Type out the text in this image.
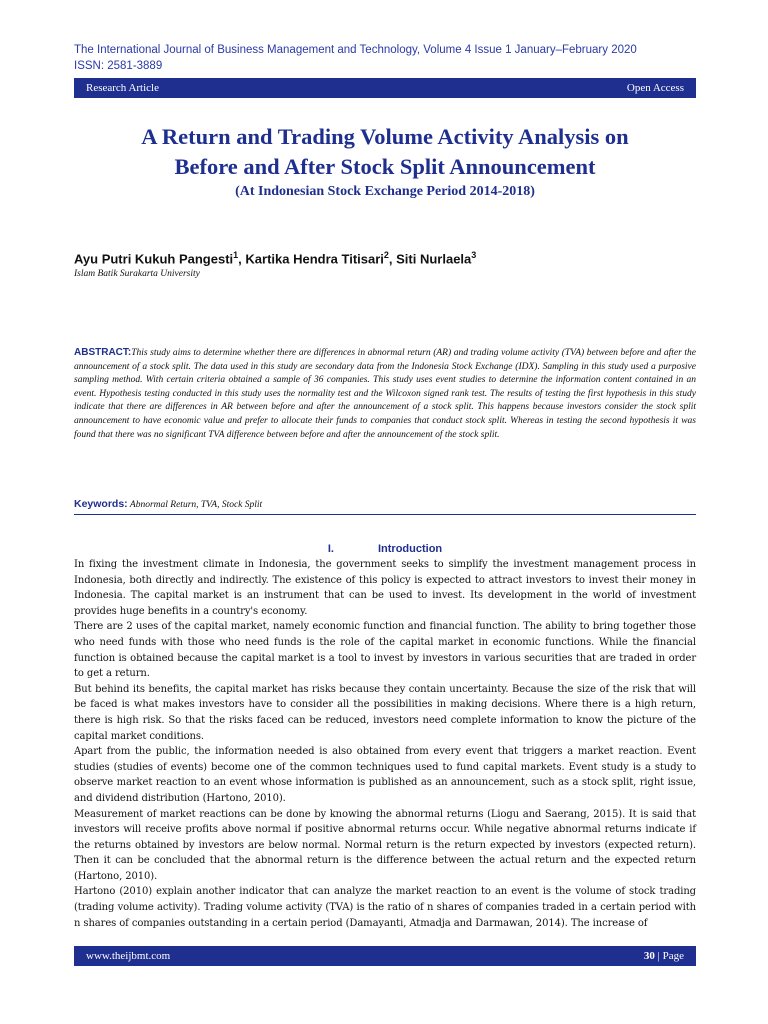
The International Journal of Business Management and Technology, Volume 4 Issue 1 January–February 2020
ISSN: 2581-3889
Research Article	Open Access
A Return and Trading Volume Activity Analysis on
Before and After Stock Split Announcement
(At Indonesian Stock Exchange Period 2014-2018)
Ayu Putri Kukuh Pangesti$^1$, Kartika Hendra Titisari$^2$, Siti Nurlaela$^3$
Islam Batik Surakarta University
ABSTRACT:This study aims to determine whether there are differences in abnormal return (AR) and trading volume activity (TVA) between before and after the announcement of a stock split. The data used in this study are secondary data from the Indonesia Stock Exchange (IDX). Sampling in this study used a purposive sampling method. With certain criteria obtained a sample of 36 companies. This study uses event studies to determine the information content contained in an event. Hypothesis testing conducted in this study uses the normality test and the Wilcoxon signed rank test. The results of testing the first hypothesis in this study indicate that there are differences in AR between before and after the announcement of a stock split. This happens because investors consider the stock split announcement to have economic value and prefer to allocate their funds to companies that conduct stock split. Whereas in testing the second hypothesis it was found that there was no significant TVA difference between before and after the announcement of the stock split.
Keywords: Abnormal Return, TVA, Stock Split
I.	Introduction

In fixing the investment climate in Indonesia, the government seeks to simplify the investment management process in Indonesia, both directly and indirectly. The existence of this policy is expected to attract investors to invest their money in Indonesia. The capital market is an instrument that can be used to invest. Its development in the world of investment provides huge benefits in a country's economy.

There are 2 uses of the capital market, namely economic function and financial function. The ability to bring together those who need funds with those who need funds is the role of the capital market in economic functions. While the financial function is obtained because the capital market is a tool to invest by investors in various securities that are traded in order to get a return.

But behind its benefits, the capital market has risks because they contain uncertainty. Because the size of the risk that will be faced is what makes investors have to consider all the possibilities in making decisions. Where there is a high return, there is high risk. So that the risks faced can be reduced, investors need complete information to know the picture of the capital market conditions.

Apart from the public, the information needed is also obtained from every event that triggers a market reaction. Event studies (studies of events) become one of the common techniques used to fund capital markets. Event study is a study to observe market reaction to an event whose information is published as an announcement, such as a stock split, right issue, and dividend distribution (Hartono, 2010).

Measurement of market reactions can be done by knowing the abnormal returns (Liogu and Saerang, 2015). It is said that investors will receive profits above normal if positive abnormal returns occur. While negative abnormal returns indicate if the returns obtained by investors are below normal. Normal return is the return expected by investors (expected return). Then it can be concluded that the abnormal return is the difference between the actual return and the expected return (Hartono, 2010).

Hartono (2010) explain another indicator that can analyze the market reaction to an event is the volume of stock trading (trading volume activity). Trading volume activity (TVA) is the ratio of n shares of companies traded in a certain period with n shares of companies outstanding in a certain period (Damayanti, Atmadja and Darmawan, 2014). The increase of

www.theijbmt.com	30 | Page
